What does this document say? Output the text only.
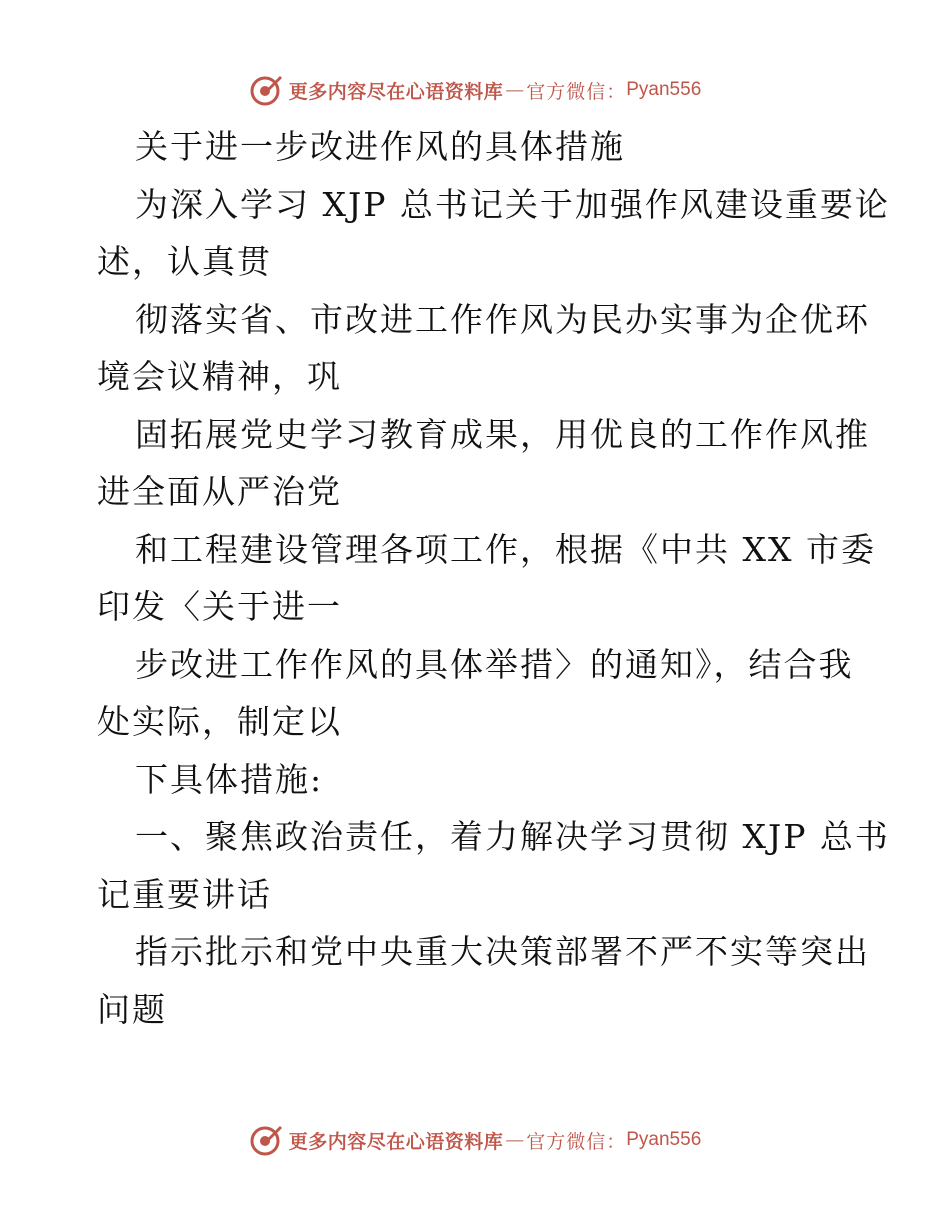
更多内容尽在心语资料库 — 官方微信： Pyan556
关于进一步改进作风的具体措施
为深入学习 XJP 总书记关于加强作风建设重要论
述，认真贯
彻落实省、市改进工作作风为民办实事为企优环
境会议精神，巩
固拓展党史学习教育成果，用优良的工作作风推
进全面从严治党
和工程建设管理各项工作，根据《中共 XX 市委
印发〈关于进一
步改进工作作风的具体举措〉的通知》，结合我
处实际，制定以
下具体措施:
一、聚焦政治责任，着力解决学习贯彻 XJP 总书
记重要讲话
指示批示和党中央重大决策部署不严不实等突出
问题
更多内容尽在心语资料库 — 官方微信： Pyan556
